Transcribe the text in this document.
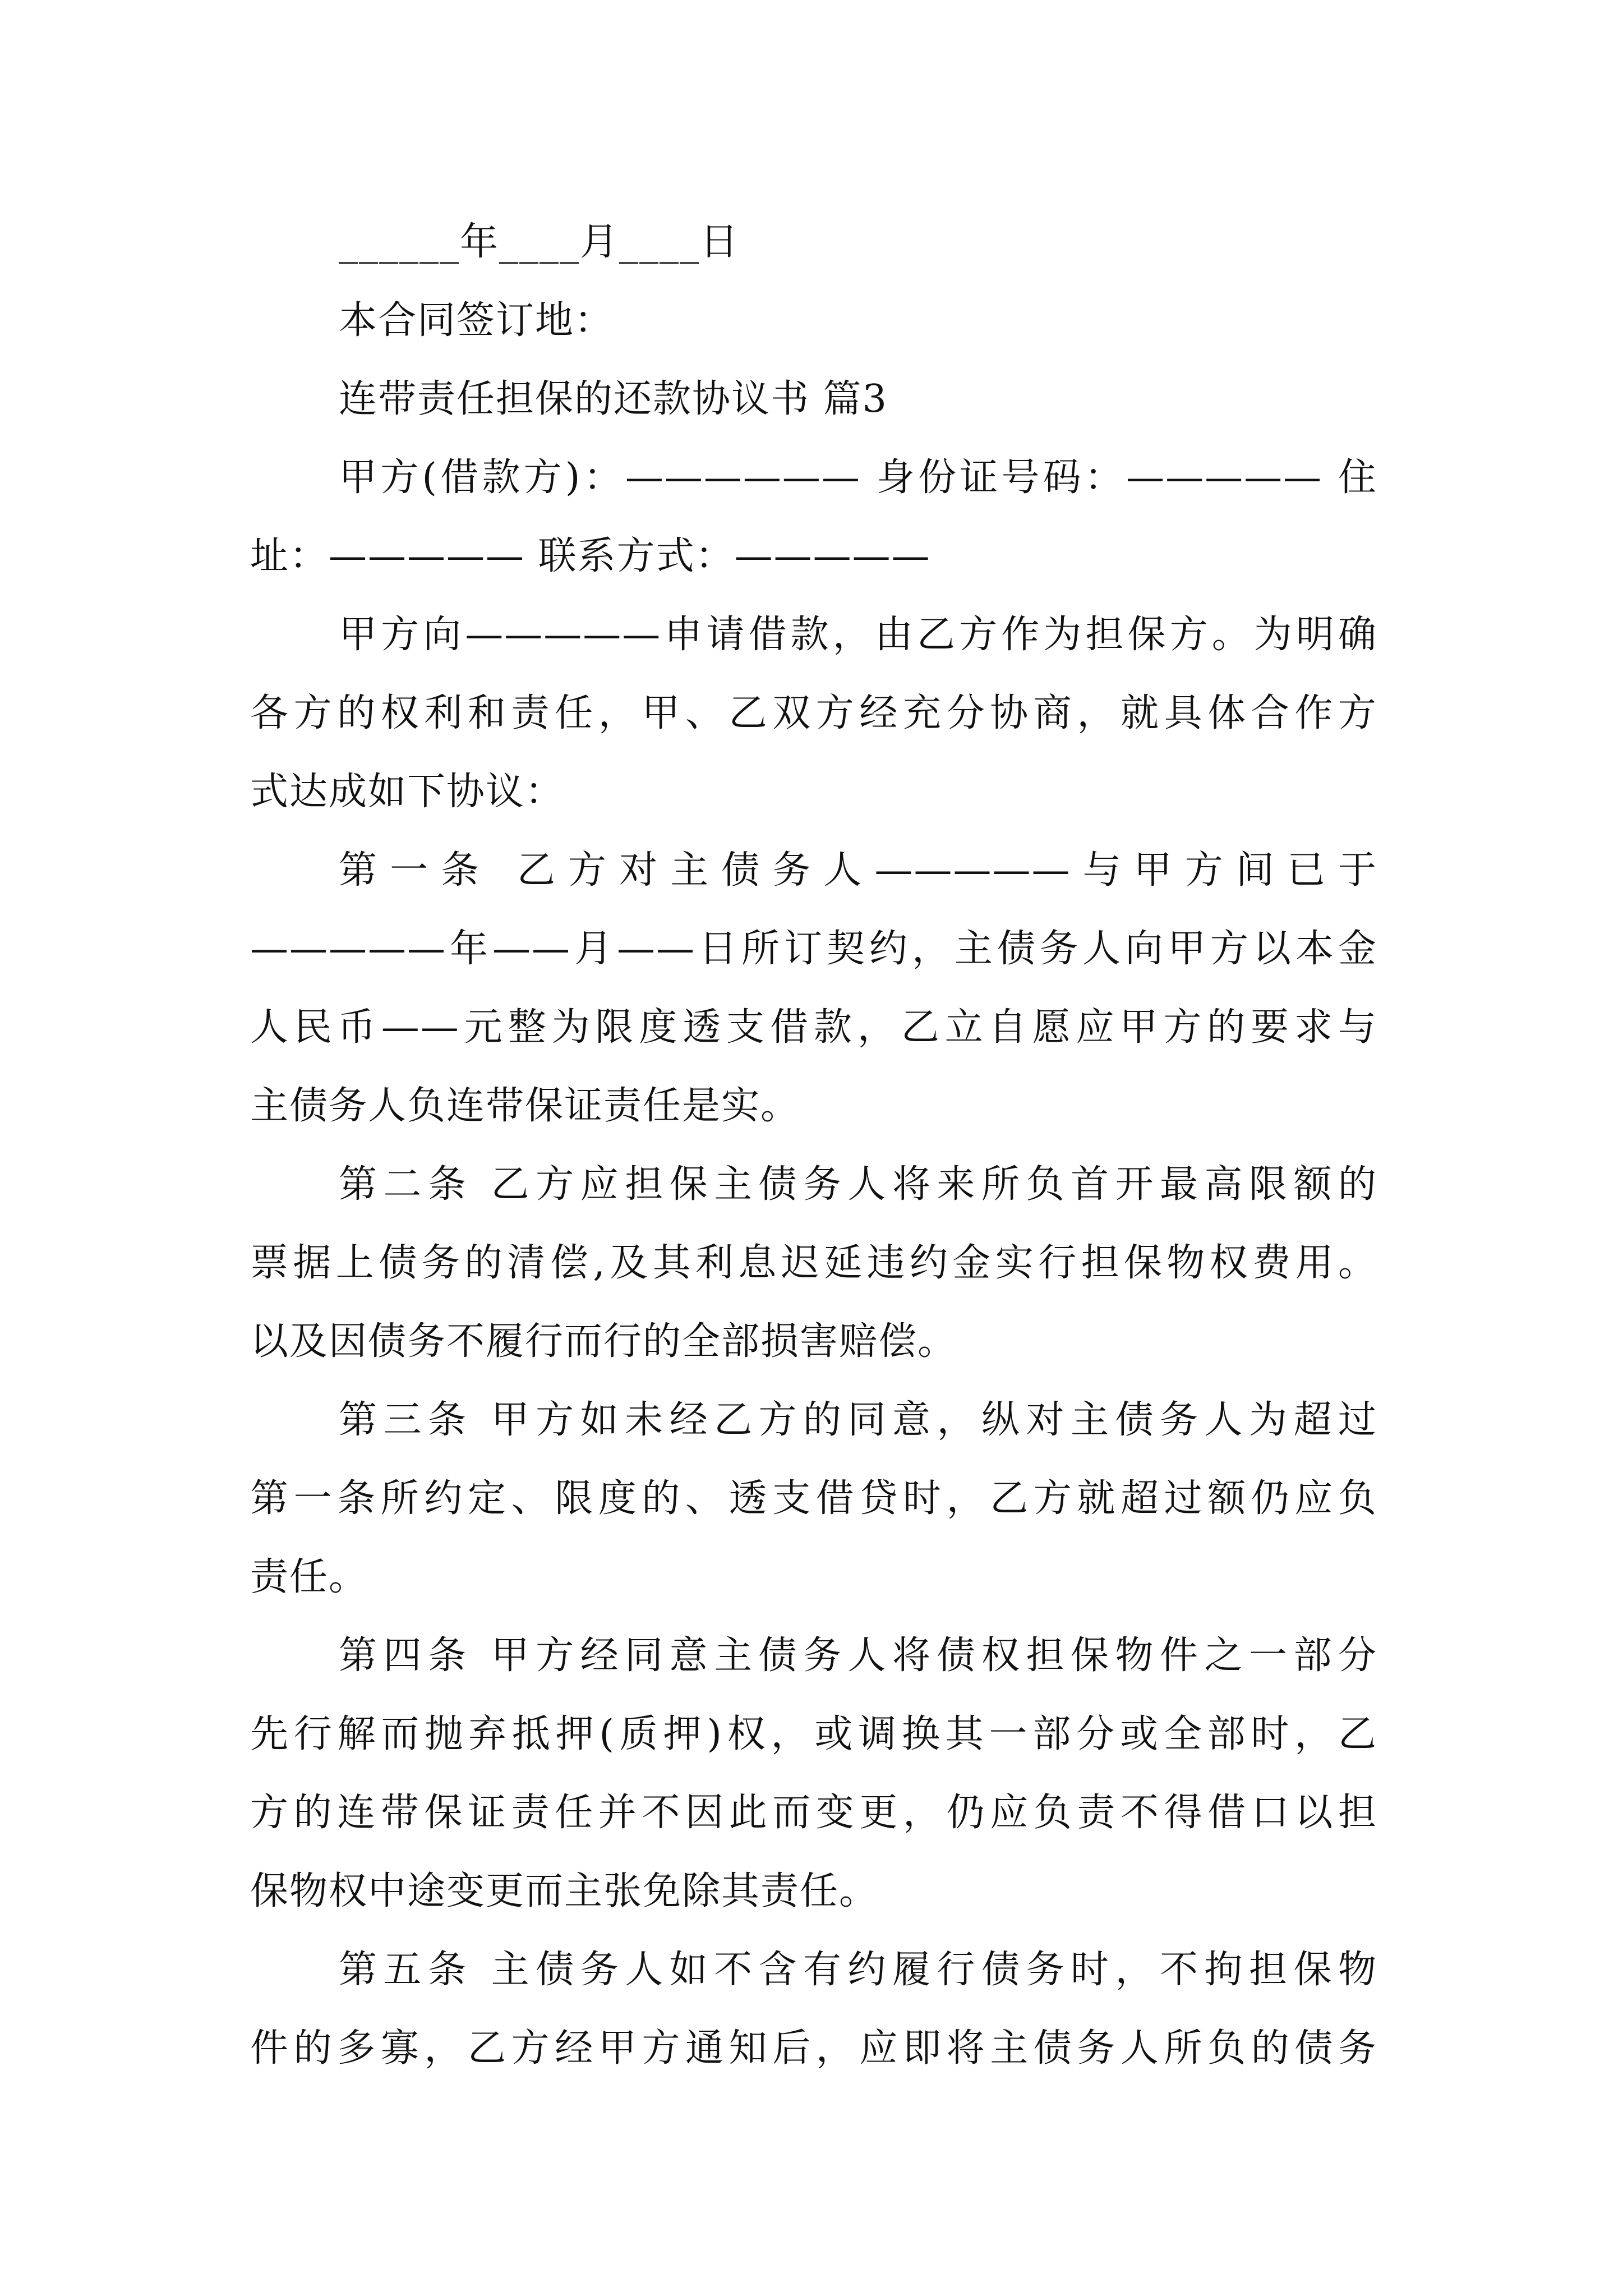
______年____月____日
本合同签订地：
连带责任担保的还款协议书 篇3
甲方(借款方)：—————— 身份证号码：————— 住
址：————— 联系方式：—————
甲方向—————申请借款，由乙方作为担保方。为明确
各方的权利和责任，甲、乙双方经充分协商，就具体合作方
式达成如下协议：
第一条 乙方对主债务人—————与甲方间已于
—————年——月——日所订契约，主债务人向甲方以本金
人民币——元整为限度透支借款，乙立自愿应甲方的要求与
主债务人负连带保证责任是实。
第二条 乙方应担保主债务人将来所负首开最高限额的
票据上债务的清偿,及其利息迟延违约金实行担保物权费用。
以及因债务不履行而行的全部损害赔偿。
第三条 甲方如未经乙方的同意，纵对主债务人为超过
第一条所约定、限度的、透支借贷时，乙方就超过额仍应负
责任。
第四条 甲方经同意主债务人将债权担保物件之一部分
先行解而抛弃抵押(质押)权，或调换其一部分或全部时，乙
方的连带保证责任并不因此而变更，仍应负责不得借口以担
保物权中途变更而主张免除其责任。
第五条 主债务人如不含有约履行债务时，不拘担保物
件的多寡，乙方经甲方通知后，应即将主债务人所负的债务
